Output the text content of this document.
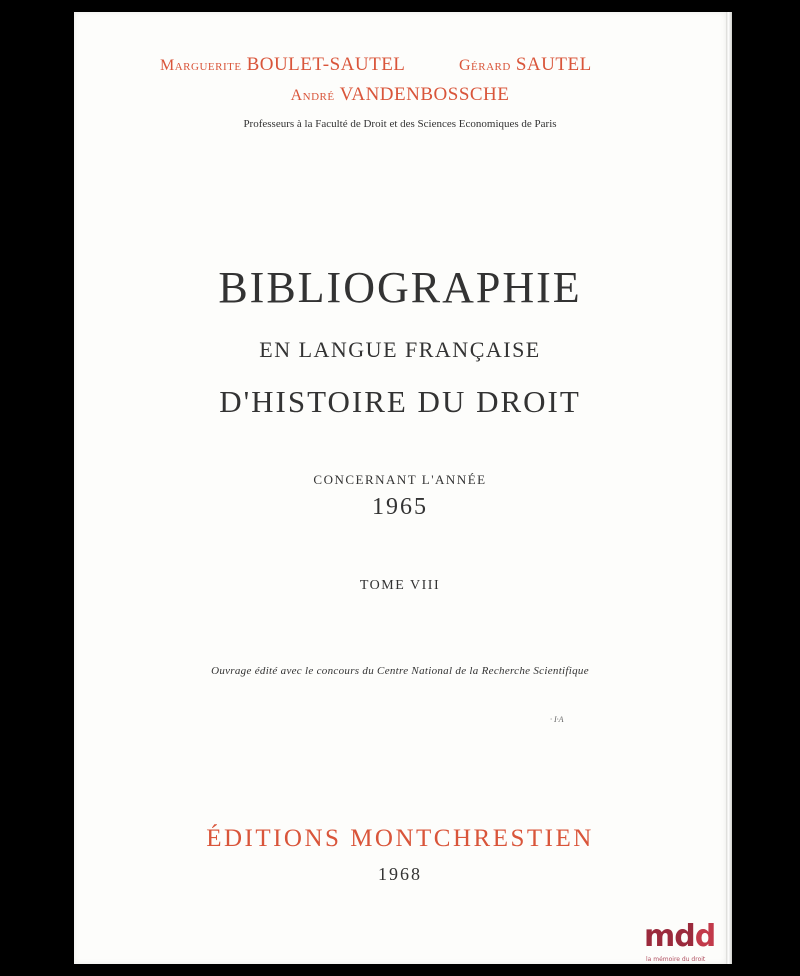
Marguerite BOULET-SAUTEL	Gérard SAUTEL
André VANDENBOSSCHE
Professeurs à la Faculté de Droit et des Sciences Economiques de Paris
BIBLIOGRAPHIE
EN LANGUE FRANÇAISE
D'HISTOIRE DU DROIT
CONCERNANT L'ANNÉE
1965
TOME VIII
Ouvrage édité avec le concours du Centre National de la Recherche Scientifique
· I·A
ÉDITIONS MONTCHRESTIEN
1968
mdd
la mémoire du droit
